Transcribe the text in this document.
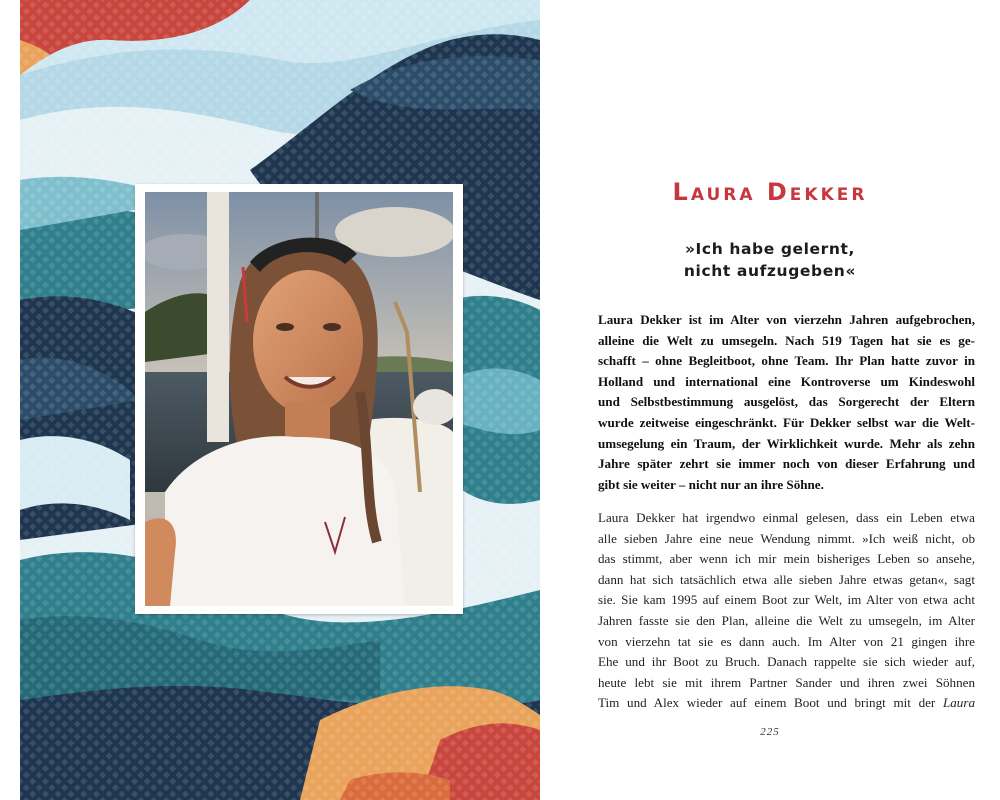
Laura Dekker
»Ich habe gelernt,
nicht aufzugeben«
Laura Dekker ist im Alter von vierzehn Jahren aufgebrochen,
alleine die Welt zu umsegeln. Nach 519 Tagen hat sie es ge-
schafft – ohne Begleitboot, ohne Team. Ihr Plan hatte zuvor in
Holland und international eine Kontroverse um Kindeswohl
und Selbstbestimmung ausgelöst, das Sorgerecht der Eltern
wurde zeitweise eingeschränkt. Für Dekker selbst war die Welt-
umsegelung ein Traum, der Wirklichkeit wurde. Mehr als zehn
Jahre später zehrt sie immer noch von dieser Erfahrung und
gibt sie weiter – nicht nur an ihre Söhne.
Laura Dekker hat irgendwo einmal gelesen, dass ein Leben etwa
alle sieben Jahre eine neue Wendung nimmt. »Ich weiß nicht, ob
das stimmt, aber wenn ich mir mein bisheriges Leben so ansehe,
dann hat sich tatsächlich etwa alle sieben Jahre etwas getan«, sagt
sie. Sie kam 1995 auf einem Boot zur Welt, im Alter von etwa acht
Jahren fasste sie den Plan, alleine die Welt zu umsegeln, im Alter
von vierzehn tat sie es dann auch. Im Alter von 21 gingen ihre
Ehe und ihr Boot zu Bruch. Danach rappelte sie sich wieder auf,
heute lebt sie mit ihrem Partner Sander und ihren zwei Söhnen
Tim und Alex wieder auf einem Boot und bringt mit der Laura
225
